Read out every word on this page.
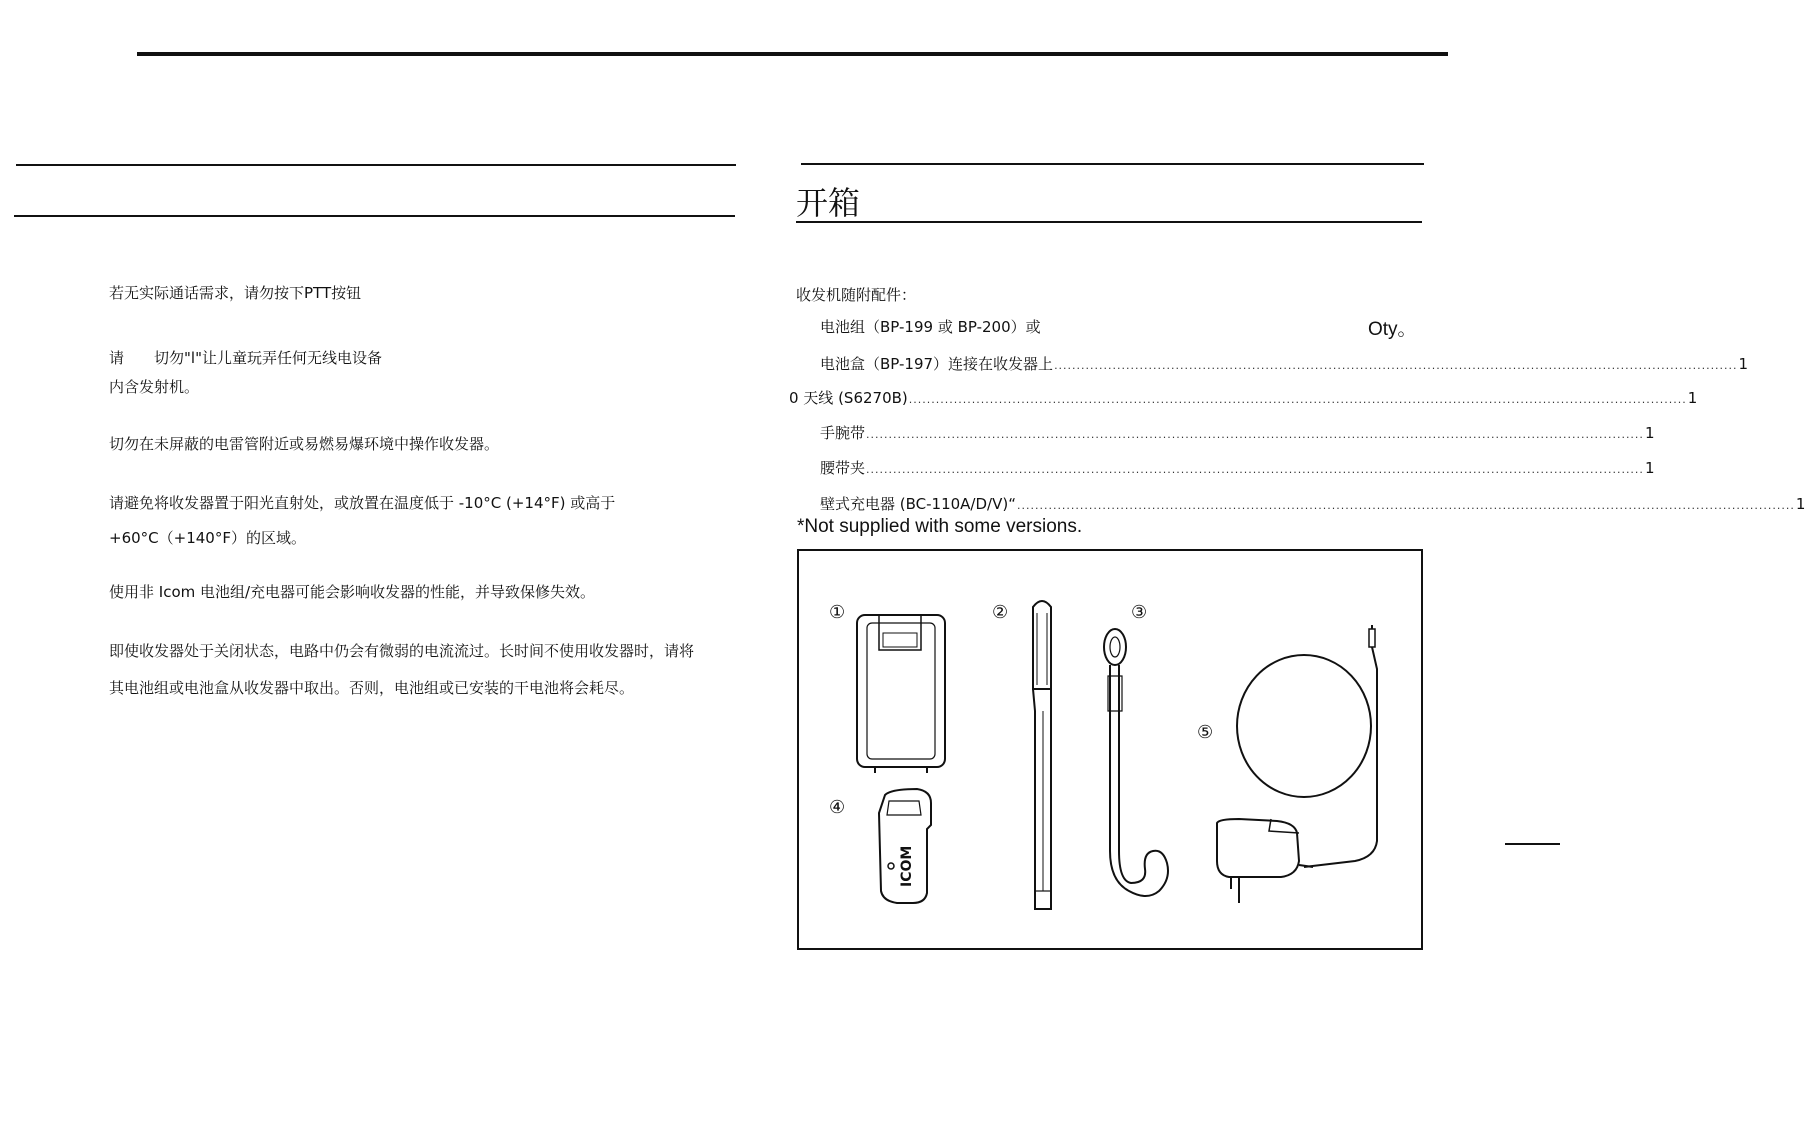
若无实际通话需求，请勿按下PTT按钮
请　　切勿"l"让儿童玩弄任何无线电设备
内含发射机。
切勿在未屏蔽的电雷管附近或易燃易爆环境中操作收发器。
请避免将收发器置于阳光直射处，或放置在温度低于 -10°C (+14°F) 或高于
+60°C（+140°F）的区域。
使用非 Icom 电池组/充电器可能会影响收发器的性能，并导致保修失效。
即使收发器处于关闭状态，电路中仍会有微弱的电流流过。长时间不使用收发器时，请将
其电池组或电池盒从收发器中取出。否则，电池组或已安装的干电池将会耗尽。
开箱
收发机随附配件：
Oty。
电池组（BP-199 或 BP-200）或
电池盒（BP-197）连接在收发器上 ........................................................................................................................................................ 1
0 天线 (S6270B) ............................................................................................................................................................................. 1
手腕带 ............................................................................................................................................................................. 1
腰带夹 ............................................................................................................................................................................. 1
壁式充电器 (BC-110A/D/V)“ ............................................................................................................................................................................. 1
*Not supplied with some versions.
①	②	③
④
⑤
ICOM
